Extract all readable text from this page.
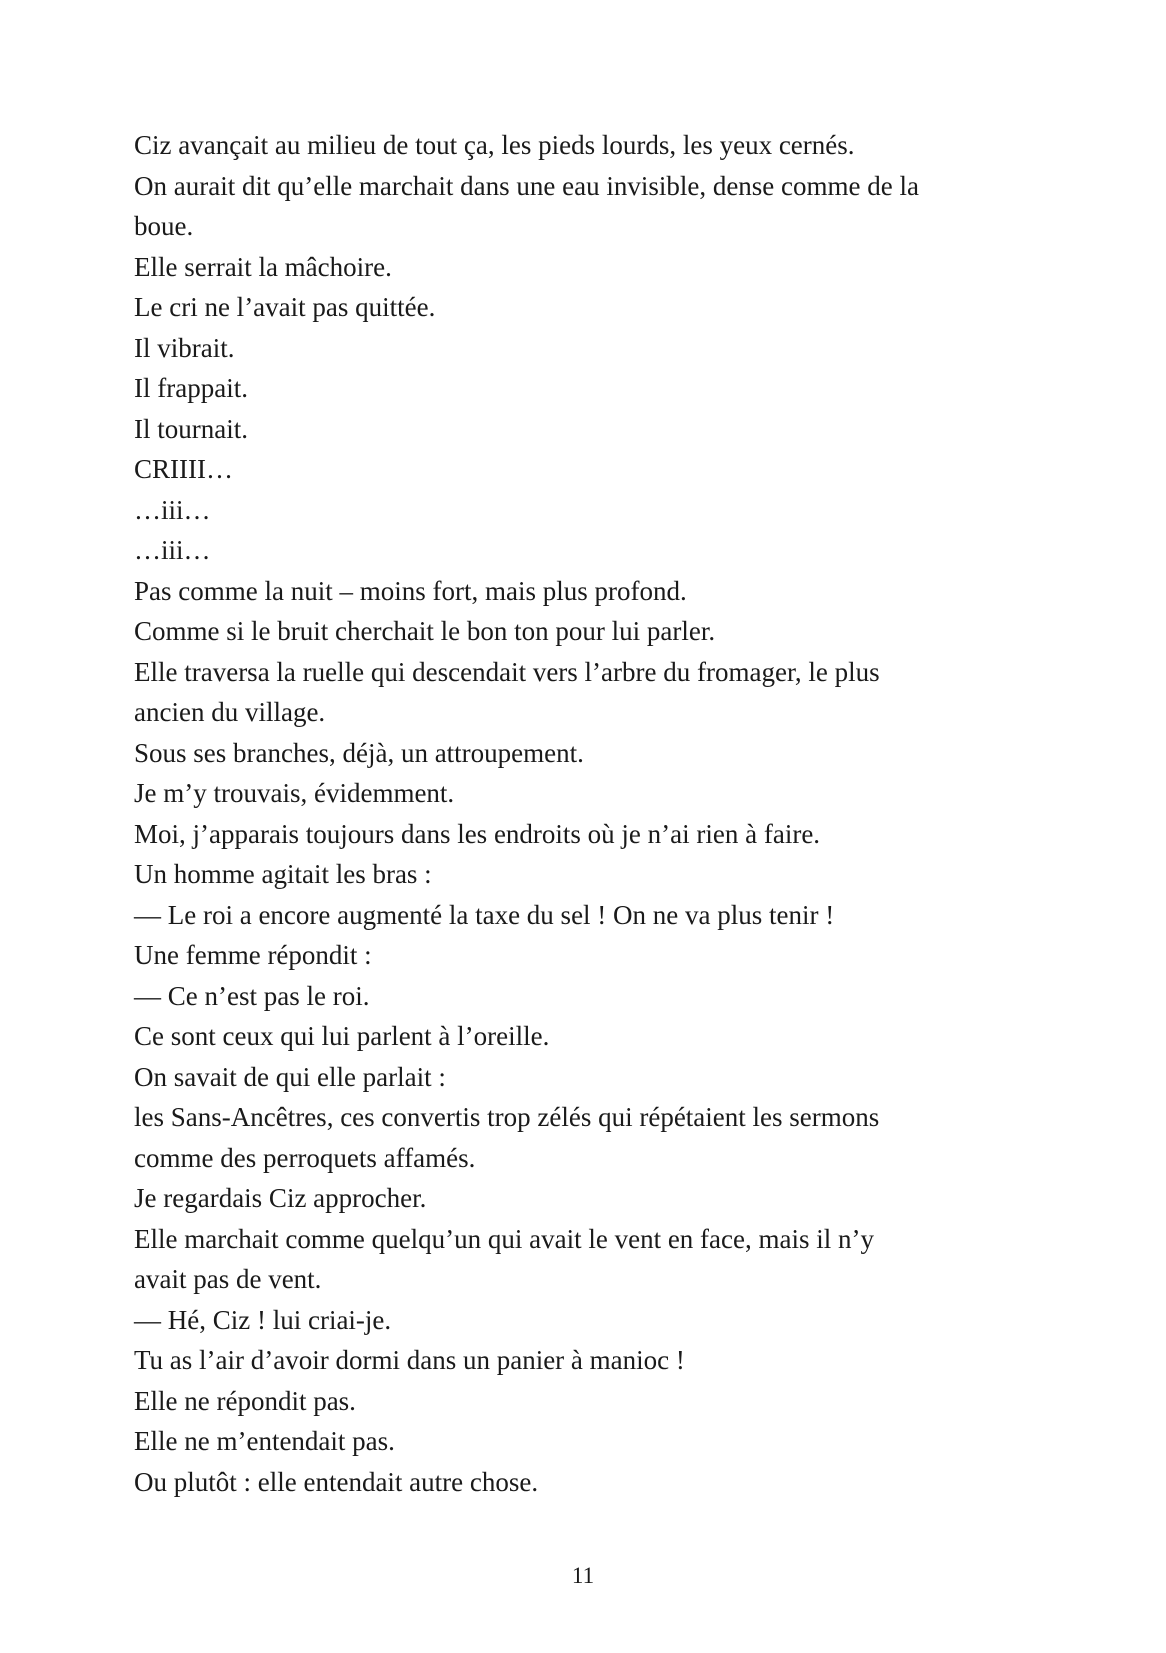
Ciz avançait au milieu de tout ça, les pieds lourds, les yeux cernés.

On aurait dit qu’elle marchait dans une eau invisible, dense comme de la

boue.

Elle serrait la mâchoire.

Le cri ne l’avait pas quittée.

Il vibrait.

Il frappait.

Il tournait.

CRIIII…

…iii…

…iii…

Pas comme la nuit – moins fort, mais plus profond.

Comme si le bruit cherchait le bon ton pour lui parler.

Elle traversa la ruelle qui descendait vers l’arbre du fromager, le plus

ancien du village.

Sous ses branches, déjà, un attroupement.

Je m’y trouvais, évidemment.

Moi, j’apparais toujours dans les endroits où je n’ai rien à faire.

Un homme agitait les bras :

— Le roi a encore augmenté la taxe du sel ! On ne va plus tenir !

Une femme répondit :

— Ce n’est pas le roi.

Ce sont ceux qui lui parlent à l’oreille.

On savait de qui elle parlait :

les Sans-Ancêtres, ces convertis trop zélés qui répétaient les sermons

comme des perroquets affamés.

Je regardais Ciz approcher.

Elle marchait comme quelqu’un qui avait le vent en face, mais il n’y

avait pas de vent.

— Hé, Ciz ! lui criai-je.

Tu as l’air d’avoir dormi dans un panier à manioc !

Elle ne répondit pas.

Elle ne m’entendait pas.

Ou plutôt : elle entendait autre chose.

11
